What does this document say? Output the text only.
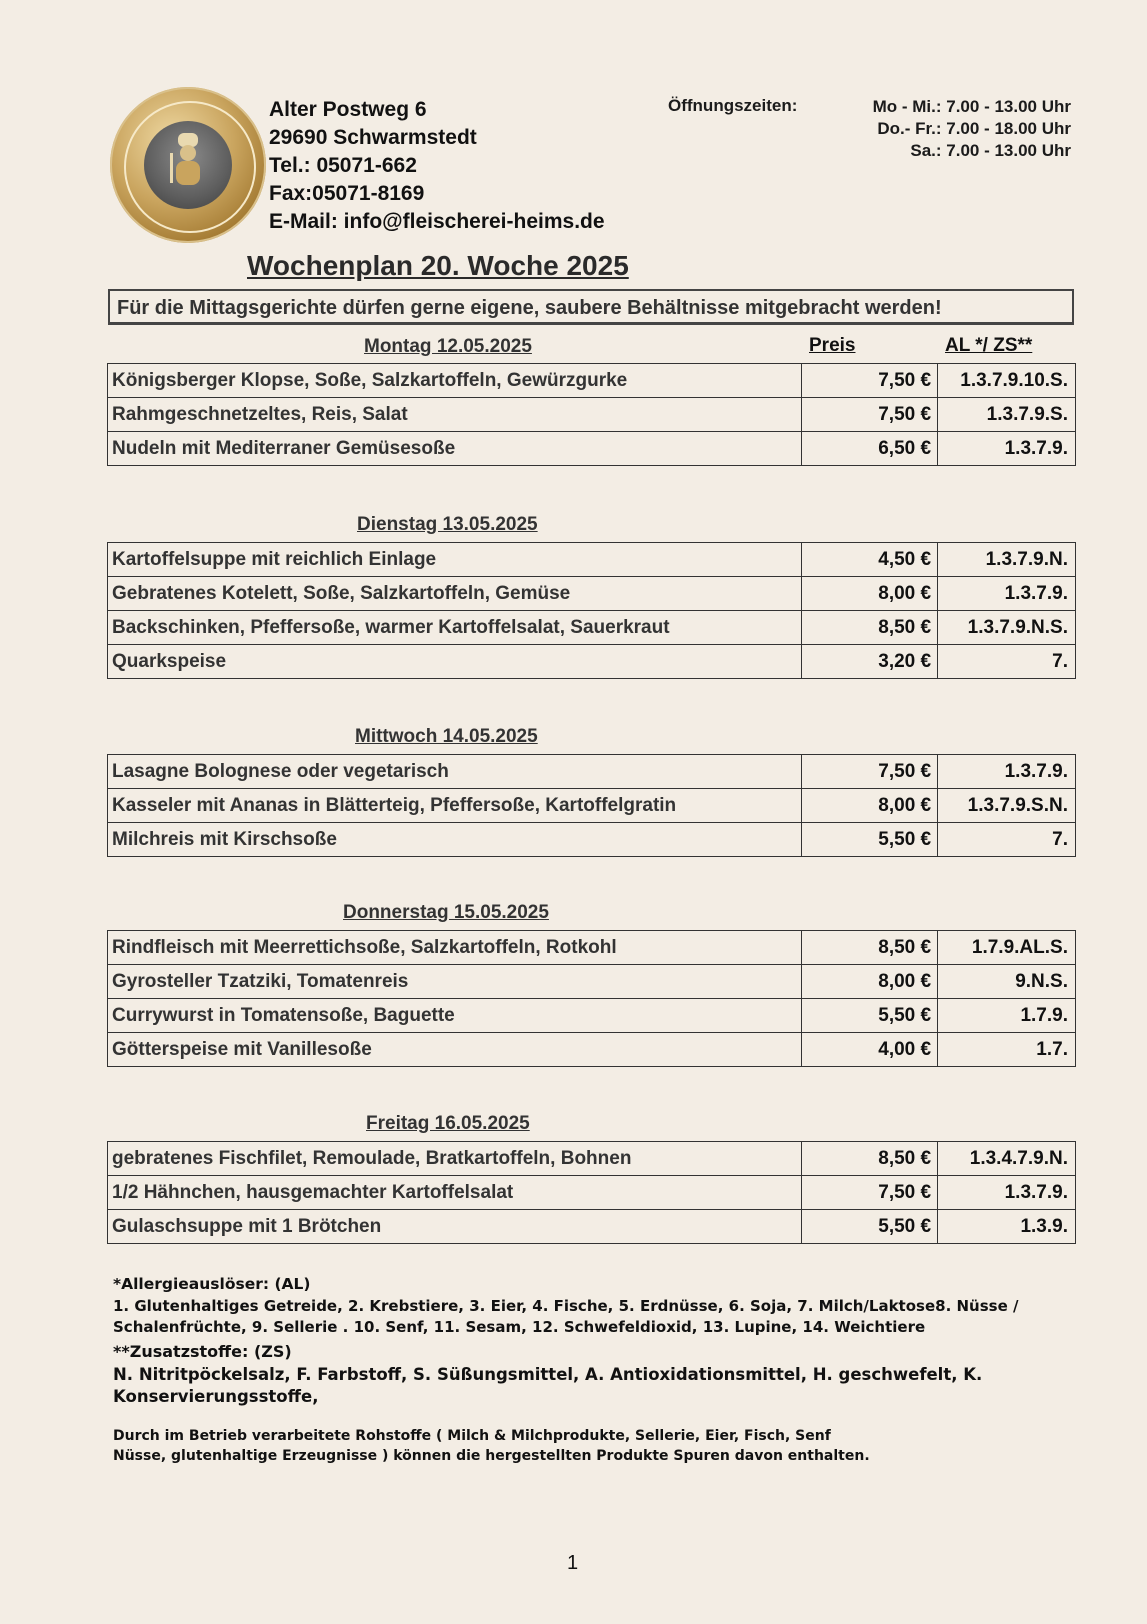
Alter Postweg 6
29690 Schwarmstedt
Tel.: 05071-662
Fax:05071-8169
E-Mail: info@fleischerei-heims.de
Öffnungszeiten:	Mo - Mi.: 7.00 - 13.00 Uhr
Do.- Fr.: 7.00 - 18.00 Uhr
Sa.: 7.00 - 13.00 Uhr
Wochenplan 20. Woche 2025
Für die Mittagsgerichte dürfen gerne eigene, saubere Behältnisse mitgebracht werden!
Preis	AL */ ZS**
Montag 12.05.2025
Königsberger Klopse, Soße, Salzkartoffeln, Gewürzgurke	7,50 €	1.3.7.9.10.S.
Rahmgeschnetzeltes, Reis, Salat	7,50 €	1.3.7.9.S.
Nudeln mit Mediterraner Gemüsesoße	6,50 €	1.3.7.9.
Dienstag 13.05.2025
Kartoffelsuppe mit reichlich Einlage	4,50 €	1.3.7.9.N.
Gebratenes Kotelett, Soße, Salzkartoffeln, Gemüse	8,00 €	1.3.7.9.
Backschinken, Pfeffersoße, warmer Kartoffelsalat, Sauerkraut	8,50 €	1.3.7.9.N.S.
Quarkspeise	3,20 €	7.
Mittwoch 14.05.2025
Lasagne Bolognese oder vegetarisch	7,50 €	1.3.7.9.
Kasseler mit Ananas in Blätterteig, Pfeffersoße, Kartoffelgratin	8,00 €	1.3.7.9.S.N.
Milchreis mit Kirschsoße	5,50 €	7.
Donnerstag 15.05.2025
Rindfleisch mit Meerrettichsoße, Salzkartoffeln, Rotkohl	8,50 €	1.7.9.AL.S.
Gyrosteller Tzatziki, Tomatenreis	8,00 €	9.N.S.
Currywurst in Tomatensoße, Baguette	5,50 €	1.7.9.
Götterspeise mit Vanillesoße	4,00 €	1.7.
Freitag 16.05.2025
gebratenes Fischfilet, Remoulade, Bratkartoffeln, Bohnen	8,50 €	1.3.4.7.9.N.
1/2 Hähnchen, hausgemachter Kartoffelsalat	7,50 €	1.3.7.9.
Gulaschsuppe mit 1 Brötchen	5,50 €	1.3.9.
*Allergieauslöser: (AL)
1. Glutenhaltiges Getreide, 2. Krebstiere, 3. Eier, 4. Fische, 5. Erdnüsse, 6. Soja, 7. Milch/Laktose8. Nüsse / Schalenfrüchte, 9. Sellerie . 10. Senf, 11. Sesam, 12. Schwefeldioxid, 13. Lupine, 14. Weichtiere
**Zusatzstoffe: (ZS)
N. Nitritpöckelsalz, F. Farbstoff, S. Süßungsmittel, A. Antioxidationsmittel, H. geschwefelt, K. Konservierungsstoffe,
Durch im Betrieb verarbeitete Rohstoffe ( Milch & Milchprodukte, Sellerie, Eier, Fisch, Senf
Nüsse, glutenhaltige Erzeugnisse ) können die hergestellten Produkte Spuren davon enthalten.
1
